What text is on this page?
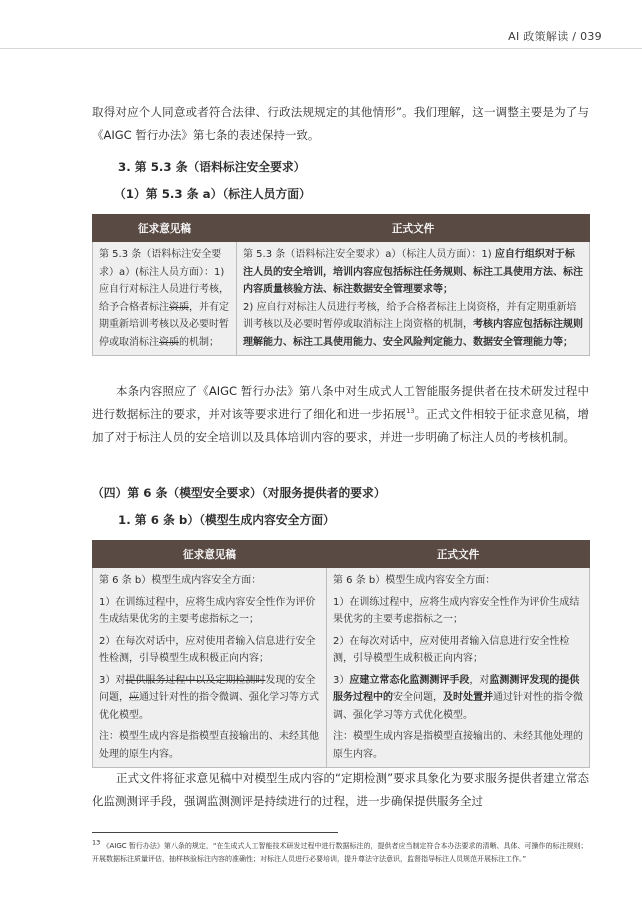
AI 政策解读 / 039

取得对应个人同意或者符合法律、行政法规规定的其他情形”。我们理解，这一调整主要是为了与《AIGC 暂行办法》第七条的表述保持一致。

3. 第 5.3 条（语料标注安全要求）
（1）第 5.3 条 a）（标注人员方面）
征求意见稿	正式文件
第 5.3 条（语料标注安全要求）a）(标注人员方面）：1) 应自行对标注人员进行考核，给予合格者标注资质，并有定期重新培训考核以及必要时暂停或取消标注资质的机制；	第 5.3 条（语料标注安全要求）a）（标注人员方面）：1) 应自行组织对于标注人员的安全培训，培训内容应包括标注任务规则、标注工具使用方法、标注内容质量核验方法、标注数据安全管理要求等；
2) 应自行对标注人员进行考核，给予合格者标注上岗资格，并有定期重新培训考核以及必要时暂停或取消标注上岗资格的机制，考核内容应包括标注规则理解能力、标注工具使用能力、安全风险判定能力、数据安全管理能力等；

本条内容照应了《AIGC 暂行办法》第八条中对生成式人工智能服务提供者在技术研发过程中进行数据标注的要求，并对该等要求进行了细化和进一步拓展$^{13}$。正式文件相较于征求意见稿，增加了对于标注人员的安全培训以及具体培训内容的要求，并进一步明确了标注人员的考核机制。

（四）第 6 条（模型安全要求）（对服务提供者的要求）
1. 第 6 条 b）（模型生成内容安全方面）
征求意见稿	正式文件

第 6 条 b）模型生成内容安全方面：
1）在训练过程中，应将生成内容安全性作为评价生成结果优劣的主要考虑指标之一；
2）在每次对话中，应对使用者输入信息进行安全性检测，引导模型生成积极正向内容；
3）对提供服务过程中以及定期检测时发现的安全问题，应通过针对性的指令微调、强化学习等方式优化模型。
注：模型生成内容是指模型直接输出的、未经其他处理的原生内容。	第 6 条 b）模型生成内容安全方面：
1）在训练过程中，应将生成内容安全性作为评价生成结果优劣的主要考虑指标之一；
2）在每次对话中，应对使用者输入信息进行安全性检测，引导模型生成积极正向内容；
3）应建立常态化监测测评手段，对监测测评发现的提供服务过程中的安全问题，及时处置并通过针对性的指令微调、强化学习等方式优化模型。
注：模型生成内容是指模型直接输出的、未经其他处理的原生内容。

正式文件将征求意见稿中对模型生成内容的“定期检测”要求具象化为要求服务提供者建立常态化监测测评手段，强调监测测评是持续进行的过程，进一步确保提供服务全过

$^{13}$ 《AIGC 暂行办法》第八条的规定，“在生成式人工智能技术研发过程中进行数据标注的，提供者应当制定符合本办法要求的清晰、具体、可操作的标注规则；开展数据标注质量评估，抽样核验标注内容的准确性；对标注人员进行必要培训，提升尊法守法意识，监督指导标注人员规范开展标注工作。”
